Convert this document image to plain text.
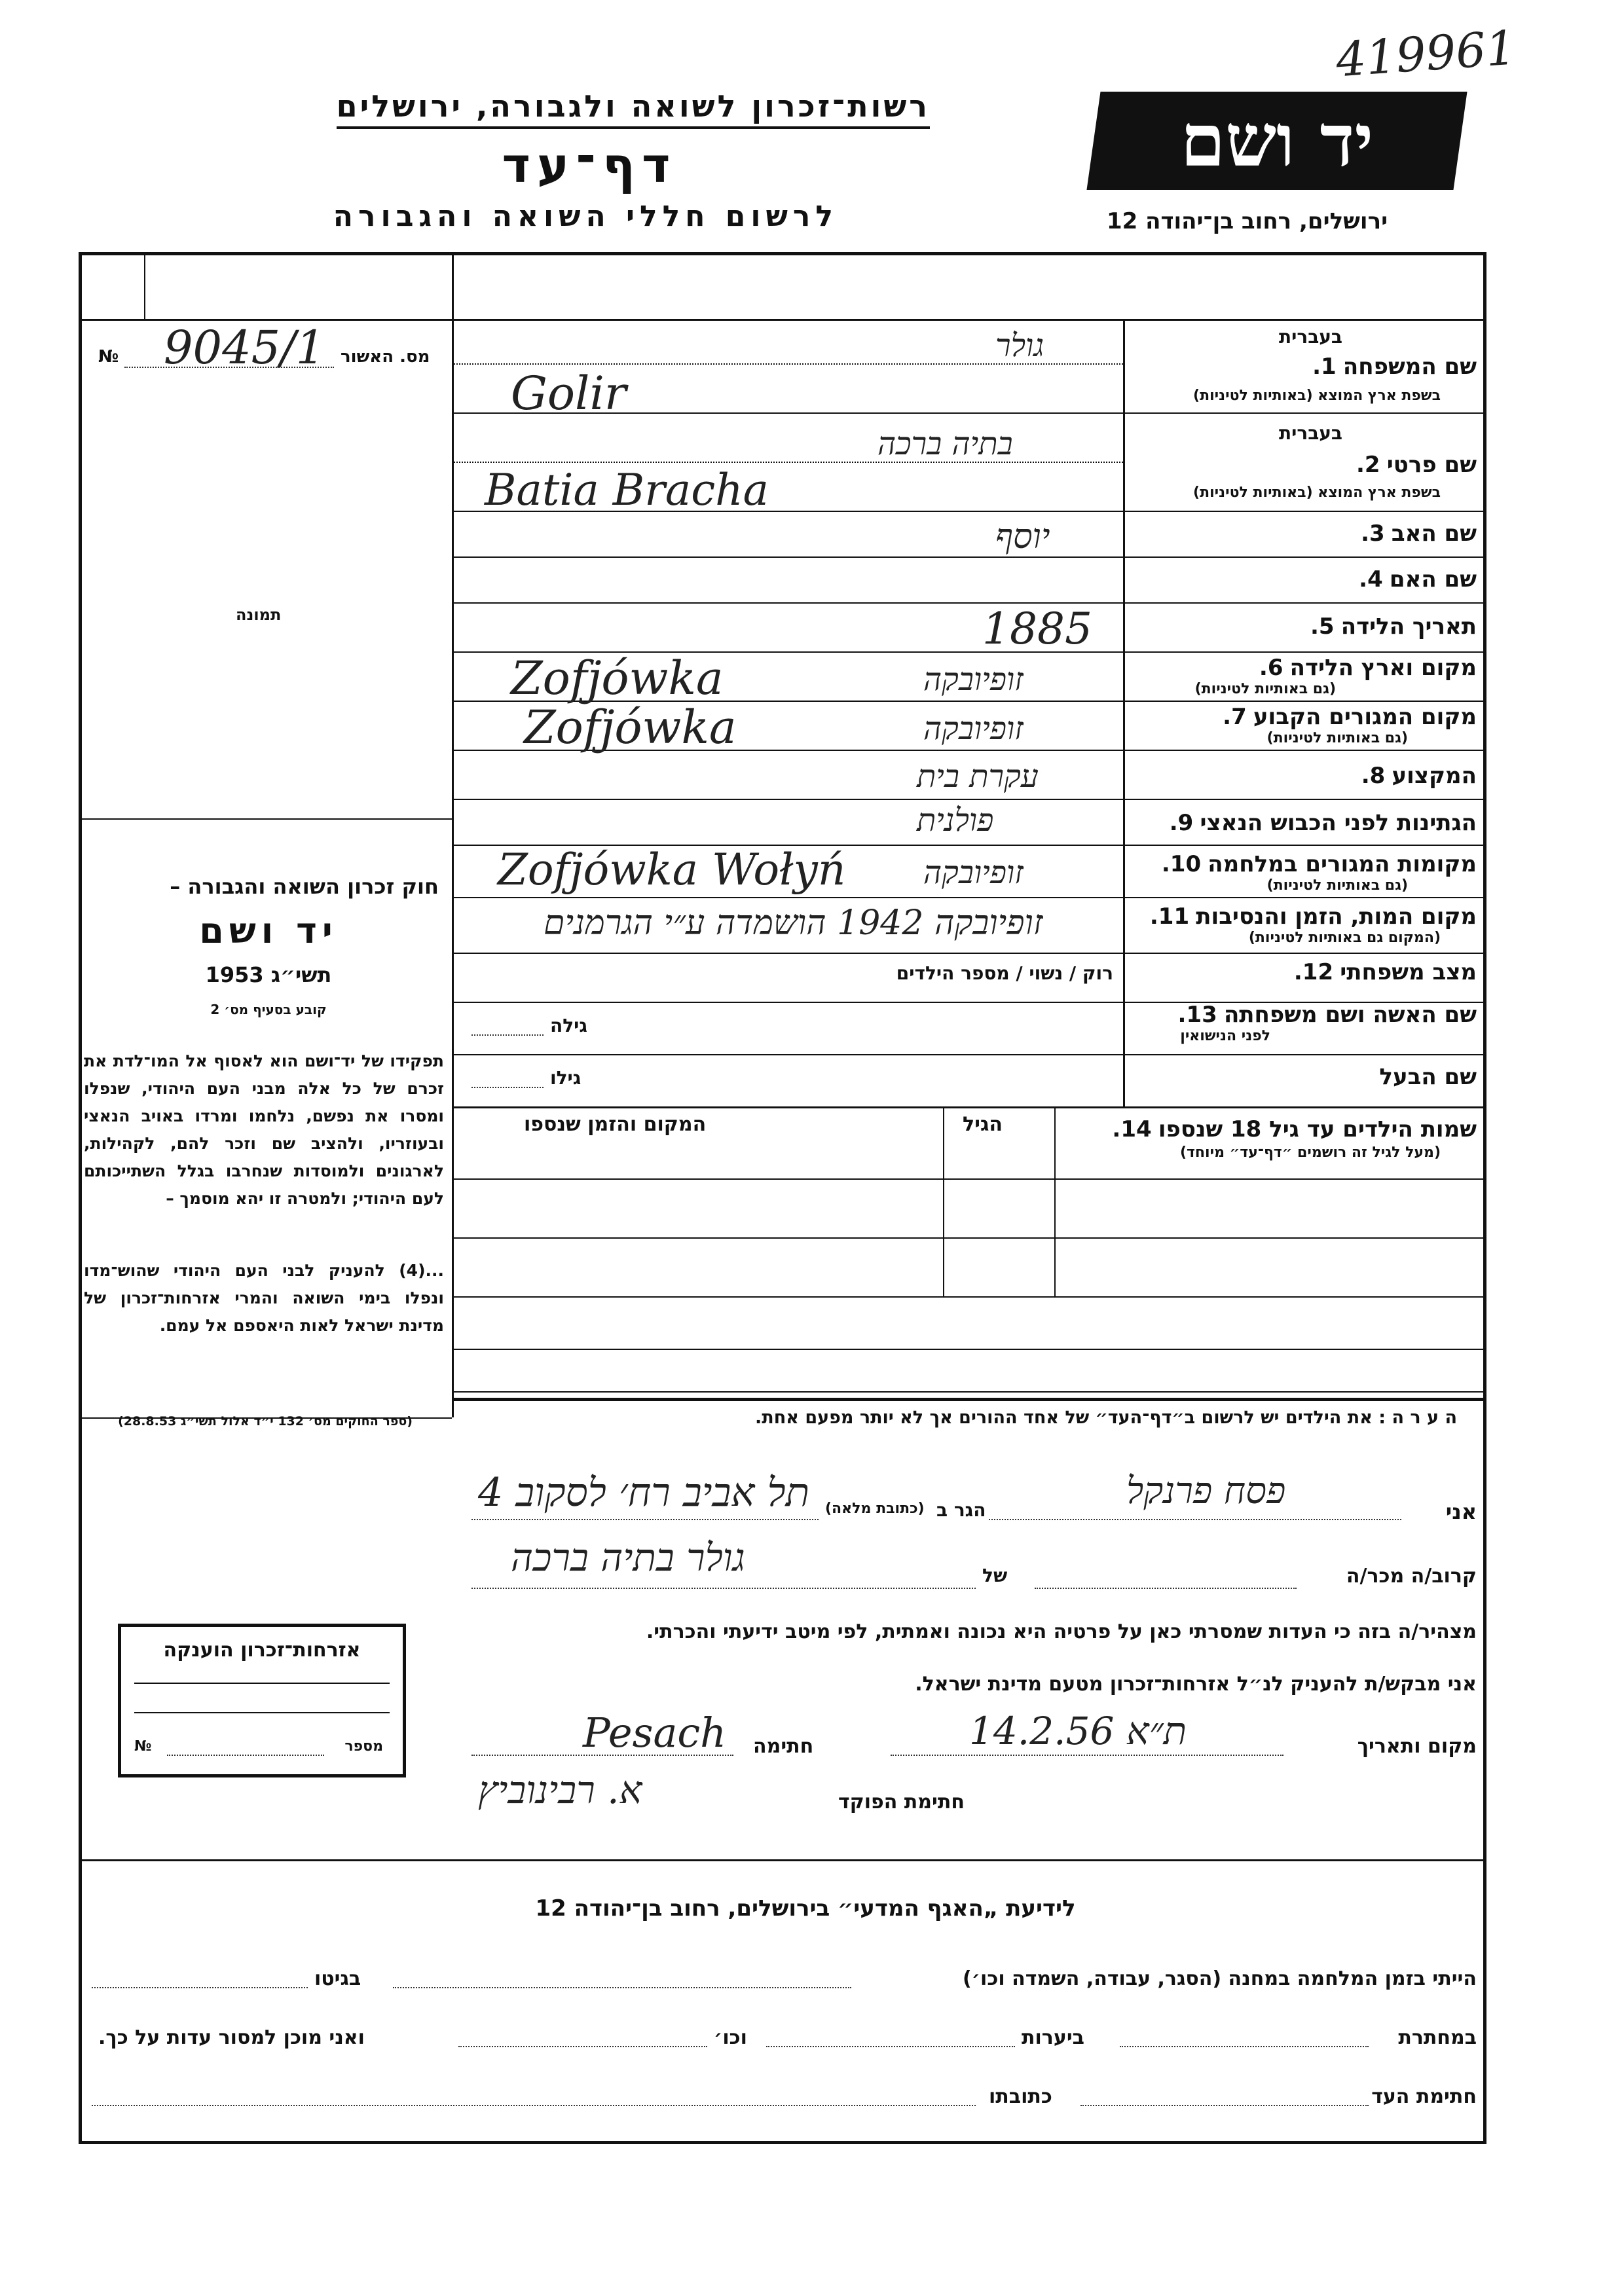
419961
רשות־זכרון לשואה ולגבורה, ירושלים
דף־עד
לרשום חללי השואה והגבורה
יד ושם
ירושלים, רחוב בן־יהודה 12
מס. האשור
№ 9045/1
תמונה
חוק זכרון השואה והגבורה –
יד ושם
תשי״ג 1953
קובע בסעיף מס׳ 2
תפקידו של יד־ושם הוא לאסוף אל המו־לדת את זכרם של כל אלה מבני העם היהודי, שנפלו ומסרו את נפשם, נלחמו ומרדו באויב הנאצי ובעוזריו, ולהציב שם וזכר להם, לקהילות, לארגונים ולמוסדות שנחרבו בגלל השתייכותם לעם היהודי; ולמטרה זו יהא מוסמך –
...(4) להעניק לבני העם היהודי שהוש־מדו ונפלו בימי השואה והמרי אזרחות־זכרון של מדינת ישראל לאות היאספם אל עמם.
(ספר החוקים מס׳ 132 י״ד אלול תשי״ג 28.8.53)
אזרחות־זכרון הוענקה
מספר
№
בעברית
שם המשפחה  1.
בשפת ארץ המוצא (באותיות לטיניות)
גולר
Golir
בעברית
שם פרטי  2.
בשפת ארץ המוצא (באותיות לטיניות)
בתיה ברכה
Batia Bracha
שם האב  3.
יוסף
שם האם  4.
תאריך הלידה  5.
1885
מקום וארץ הלידה  6.
(גם באותיות לטיניות)
זופיובקה
Zofjówka
מקום המגורים הקבוע  7.
(גם באותיות לטיניות)
זופיובקה
Zofjówka
המקצוע  8.
עקרת בית
הגתינות לפני הכבוש הנאצי  9.
פולנית
מקומות המגורים במלחמה  10.
(גם באותיות לטיניות)
זופיובקה
Zofjówka Wołyń
מקום המות, הזמן והנסיבות  11.
(המקום גם באותיות לטיניות)
זופיובקה 1942 הושמדה ע״י הגרמנים
מצב משפחתי  12.
רוק / נשוי / מספר הילדים
שם האשה ושם משפחתה  13.
לפני הנישואין
גילה
שם הבעל
גילו
שמות הילדים עד גיל 18 שנספו  14.
(מעל לגיל זה רושמים ״דף־עד״ מיוחד)
הגיל
המקום והזמן שנספו
ה ע ר ה : את הילדים יש לרשום ב״דף־העד״ של אחד ההורים אך לא יותר מפעם אחת.
אני
פסח פרנקל
הגר ב
(כתובת מלאה)
תל אביב רח׳ לסקוב 4
קרוב/ה מכר/ה
של
גולר בתיה ברכה
מצהיר/ה בזה כי העדות שמסרתי כאן על פרטיה היא נכונה ואמתית, לפי מיטב ידיעתי והכרתי.
אני מבקש/ת להעניק לנ״ל אזרחות־זכרון מטעם מדינת ישראל.
מקום ותאריך
ת״א 14.2.56
חתימה
Pesach
חתימת הפוקד
א. רבינוביץ
לידיעת „האגף המדעי״ בירושלים, רחוב בן־יהודה 12
הייתי בזמן המלחמה במחנה (הסגר, עבודה, השמדה וכו׳)
בגיטו
במחתרת
ביערות
וכו׳
ואני מוכן למסור עדות על כך.
חתימת העד
כתובתו
